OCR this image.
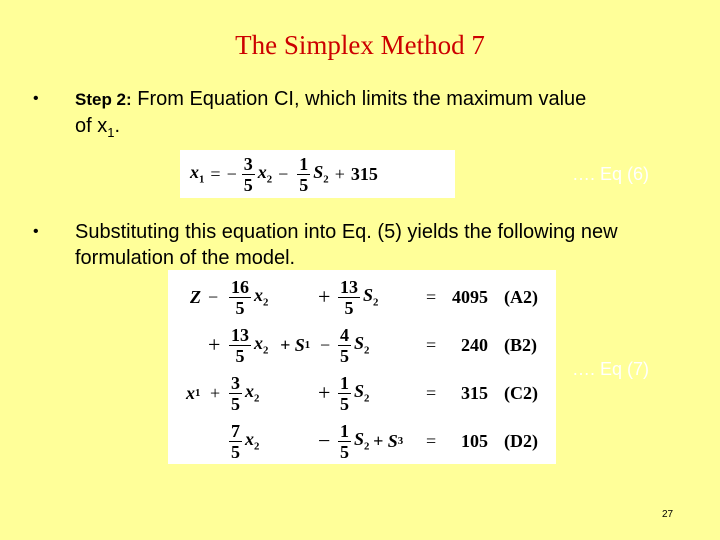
The Simplex Method 7
• Step 2: From Equation CI, which limits the maximum value
of $x_1$.
$x_1$ = − $\frac{3}{5} x_2 - \frac{1}{5} S_2 + 315$	…. Eq (6)
• Substituting this equation into Eq. (5) yields the following new formulation of the model.
$Z - \frac{16}{5} x_2 + \frac{13}{5} S_2$	= 4095 (A2)
+ $\frac{13}{5} x_2 + S$ $1 - \frac{4}{5} S_2$	= 240 (B2)
x $1 + \frac{3}{5} x_2$	+ $\frac{1}{5} S_2$	= 315 (C2)
$\frac{7}{5} x_2$	− $\frac{1}{5} S_2 + S$ 3 = 105 (D2)
…. Eq (7)
27
